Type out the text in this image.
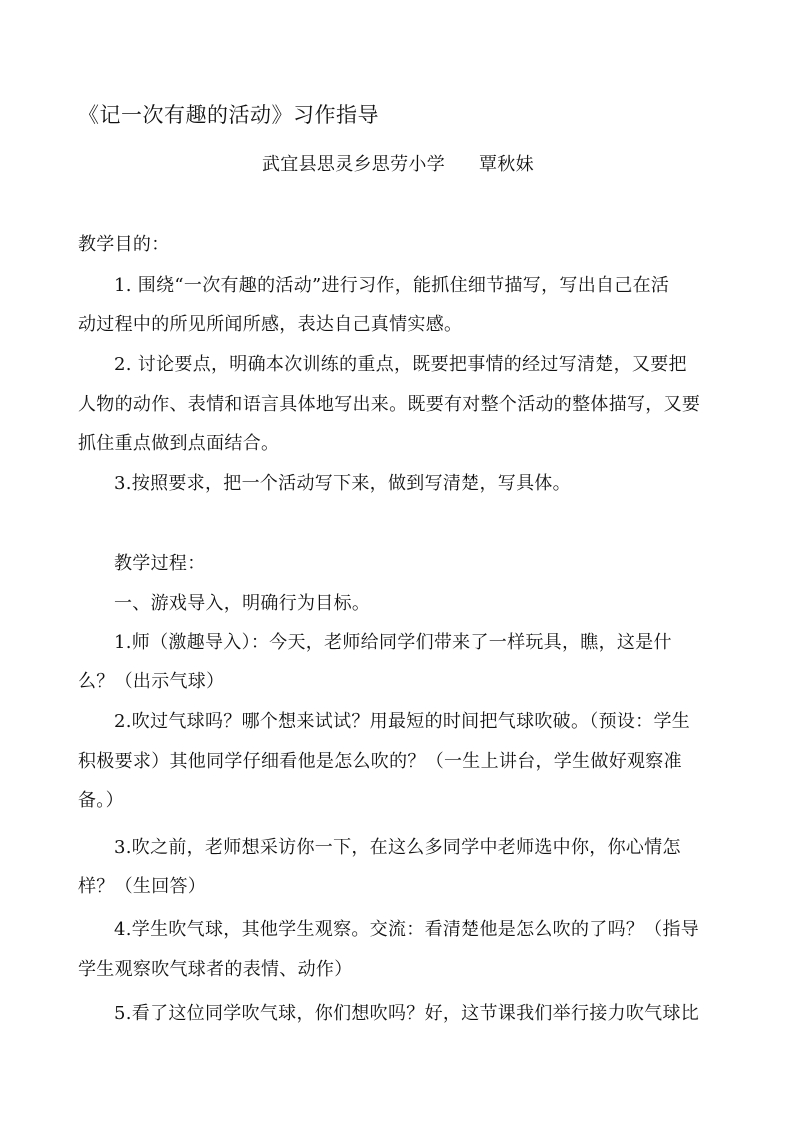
《记一次有趣的活动》习作指导
武宜县思灵乡思劳小学 覃秋妹
教学目的：
1. 围绕“一次有趣的活动”进行习作，能抓住细节描写，写出自己在活
动过程中的所见所闻所感，表达自己真情实感。
2. 讨论要点，明确本次训练的重点，既要把事情的经过写清楚，又要把
人物的动作、表情和语言具体地写出来。既要有对整个活动的整体描写，又要
抓住重点做到点面结合。
3.按照要求，把一个活动写下来，做到写清楚，写具体。
教学过程：
一、游戏导入，明确行为目标。
1.师（激趣导入）：今天，老师给同学们带来了一样玩具，瞧，这是什
么？（出示气球）
2.吹过气球吗？哪个想来试试？用最短的时间把气球吹破。（预设：学生
积极要求）其他同学仔细看他是怎么吹的？（一生上讲台，学生做好观察准
备。）
3.吹之前，老师想采访你一下，在这么多同学中老师选中你，你心情怎
样？（生回答）
4.学生吹气球，其他学生观察。交流：看清楚他是怎么吹的了吗？（指导
学生观察吹气球者的表情、动作）
5.看了这位同学吹气球，你们想吹吗？好，这节课我们举行接力吹气球比
